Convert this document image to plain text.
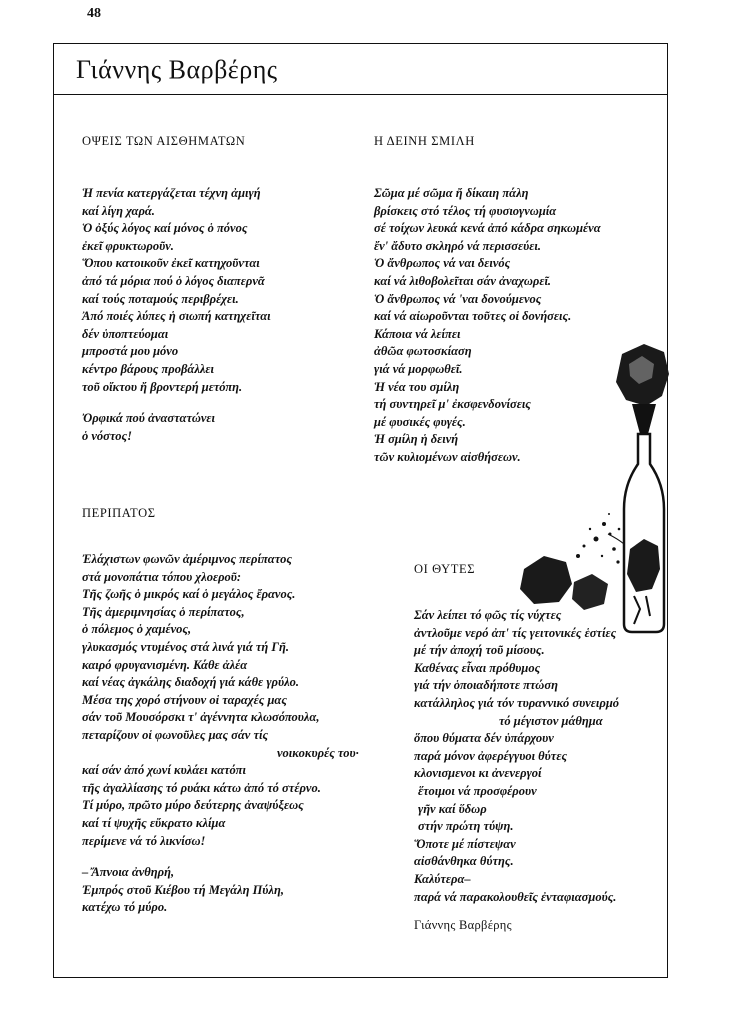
48
Γιάννης Βαρβέρης
ΟΨΕΙΣ ΤΩΝ ΑΙΣΘΗΜΑΤΩΝ
Ἡ πενία κατεργάζεται τέχνη ἀμιγή
καί λίγη χαρά.
Ὁ ὀξύς λόγος καί μόνος ὁ πόνος
ἐκεῖ φρυκτωροῦν.
Ὅπου κατοικοῦν ἐκεῖ κατηχοῦνται
ἀπό τά μόρια πού ὁ λόγος διαπερνᾶ
καί τούς ποταμούς περιβρέχει.
Ἀπό ποιές λύπες ἡ σιωπή κατηχεῖται
δέν ὑποπτεύομαι
μπροστά μου μόνο
κέντρο βάρους προβάλλει
τοῦ οἴκτου ἤ βροντερή μετόπη.
Ὀρφικά πού ἀναστατώνει
ὁ νόστος!
Η ΔΕΙΝΗ ΣΜΙΛΗ
Σῶμα μέ σῶμα ἤ δίκαιη πάλη
βρίσκεις στό τέλος τή φυσιογνωμία
σέ τοίχων λευκά κενά ἀπό κάδρα σηκωμένα
ἔν' ἄδυτο σκληρό νά περισσεύει.
Ὁ ἄνθρωπος νά ναι δεινός
καί νά λιθοβολεῖται σάν ἀναχωρεῖ.
Ὁ ἄνθρωπος νά 'ναι δονούμενος
καί νά αἰωροῦνται τοῦτες οἱ δονήσεις.
Κάποια νά λείπει
ἀθῶα φωτοσκίαση
γιά νά μορφωθεῖ.
Ἡ νέα του σμίλη
τή συντηρεῖ μ' ἐκσφενδονίσεις
μέ φυσικές φυγές.
Ἡ σμίλη ἡ δεινή
τῶν κυλιομένων αἰσθήσεων.
ΠΕΡΙΠΑΤΟΣ
Ἐλάχιστων φωνῶν ἀμέριμνος περίπατος
στά μονοπάτια τόπου χλοεροῦ:
Τῆς ζωῆς ὁ μικρός καί ὁ μεγάλος ἔρανος.
Τῆς ἀμεριμνησίας ὁ περίπατος,
ὁ πόλεμος ὁ χαμένος,
γλυκασμός ντυμένος στά λινά γιά τή Γῆ.
καιρό φρυγανισμένη. Κάθε ἀλέα
καί νέας ἀγκάλης διαδοχή γιά κάθε γρύλο.
Μέσα της χορό στήνουν οἱ ταραχές μας
σάν τοῦ Μουσόρσκι τ' ἀγέννητα κλωσόπουλα,
πεταρίζουν οἱ φωνοῦλες μας σάν τίς
νοικοκυρές του·
καί σάν ἀπό χωνί κυλάει κατόπι
τῆς ἀγαλλίασης τό ρυάκι κάτω ἀπό τό στέρνο.
Τί μύρο, πρῶτο μύρο δεύτερης ἀναψύξεως
καί τί ψυχῆς εὔκρατο κλίμα
περίμενε νά τό λικνίσω!
– Ἄπνοια ἀνθηρή,
Ἐμπρός στοῦ Κιέβου τή Μεγάλη Πύλη,
κατέχω τό μύρο.
ΟΙ ΘΥΤΕΣ
Σάν λείπει τό φῶς τίς νύχτες
ἀντλοῦμε νερό ἀπ' τίς γειτονικές ἑστίες
μέ τήν ἀποχή τοῦ μίσους.
Καθένας εἶναι πρόθυμος
γιά τήν ὁποιαδήποτε πτώση
κατάλληλος γιά τόν τυραννικό συνειρμό
τό μέγιστον μάθημα
ὅπου θύματα δέν ὑπάρχουν
παρά μόνον ἀφερέγγυοι θύτες
κλονισμενοι κι ἀνενεργοί
ἕτοιμοι νά προσφέρουν
γῆν καί ὕδωρ
στήν πρώτη τύψη.
Ὅποτε μέ πίστεψαν
αἰσθάνθηκα θύτης.
Καλύτερα–
παρά νά παρακολουθεῖς ἐνταφιασμούς.
Γιάννης Βαρβέρης
